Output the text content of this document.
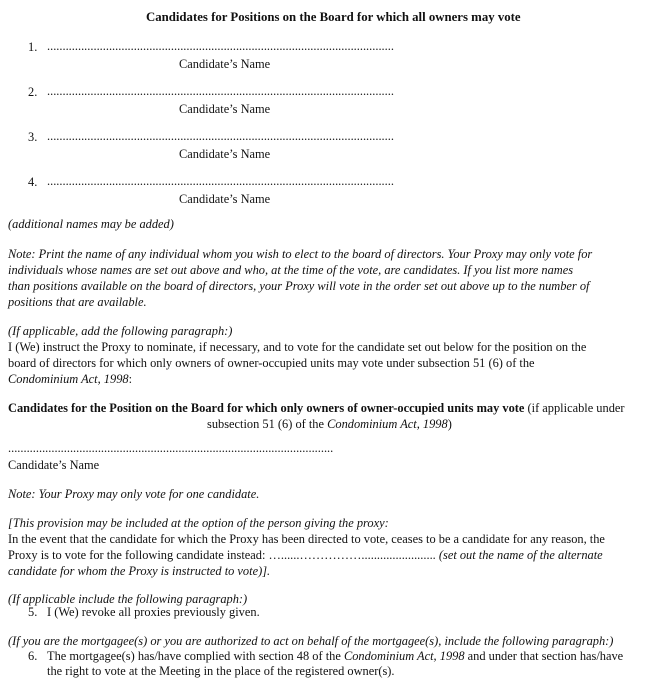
Candidates for Positions on the Board for which all owners may vote
1. ................................................................................................................
Candidate’s Name
2. ................................................................................................................
Candidate’s Name
3. ................................................................................................................
Candidate’s Name
4. ................................................................................................................
Candidate’s Name
(additional names may be added)
Note: Print the name of any individual whom you wish to elect to the board of directors. Your Proxy may only vote for
individuals whose names are set out above and who, at the time of the vote, are candidates. If you list more names
than positions available on the board of directors, your Proxy will vote in the order set out above up to the number of
positions that are available.
(If applicable, add the following paragraph:)
I (We) instruct the Proxy to nominate, if necessary, and to vote for the candidate set out below for the position on the
board of directors for which only owners of owner-occupied units may vote under subsection 51 (6) of the
Condominium Act, 1998:
Candidates for the Position on the Board for which only owners of owner-occupied units may vote (if applicable under
subsection 51 (6) of the Condominium Act, 1998)
.........................................................................................................
Candidate’s Name
Note: Your Proxy may only vote for one candidate.
[This provision may be included at the option of the person giving the proxy:
In the event that the candidate for which the Proxy has been directed to vote, ceases to be a candidate for any reason, the
Proxy is to vote for the following candidate instead: …......……………........................ (set out the name of the alternate
candidate for whom the Proxy is instructed to vote)].
(If applicable include the following paragraph:)
5. I (We) revoke all proxies previously given.
(If you are the mortgagee(s) or you are authorized to act on behalf of the mortgagee(s), include the following paragraph:)
6. The mortgagee(s) has/have complied with section 48 of the Condominium Act, 1998 and under that section has/have
the right to vote at the Meeting in the place of the registered owner(s).
